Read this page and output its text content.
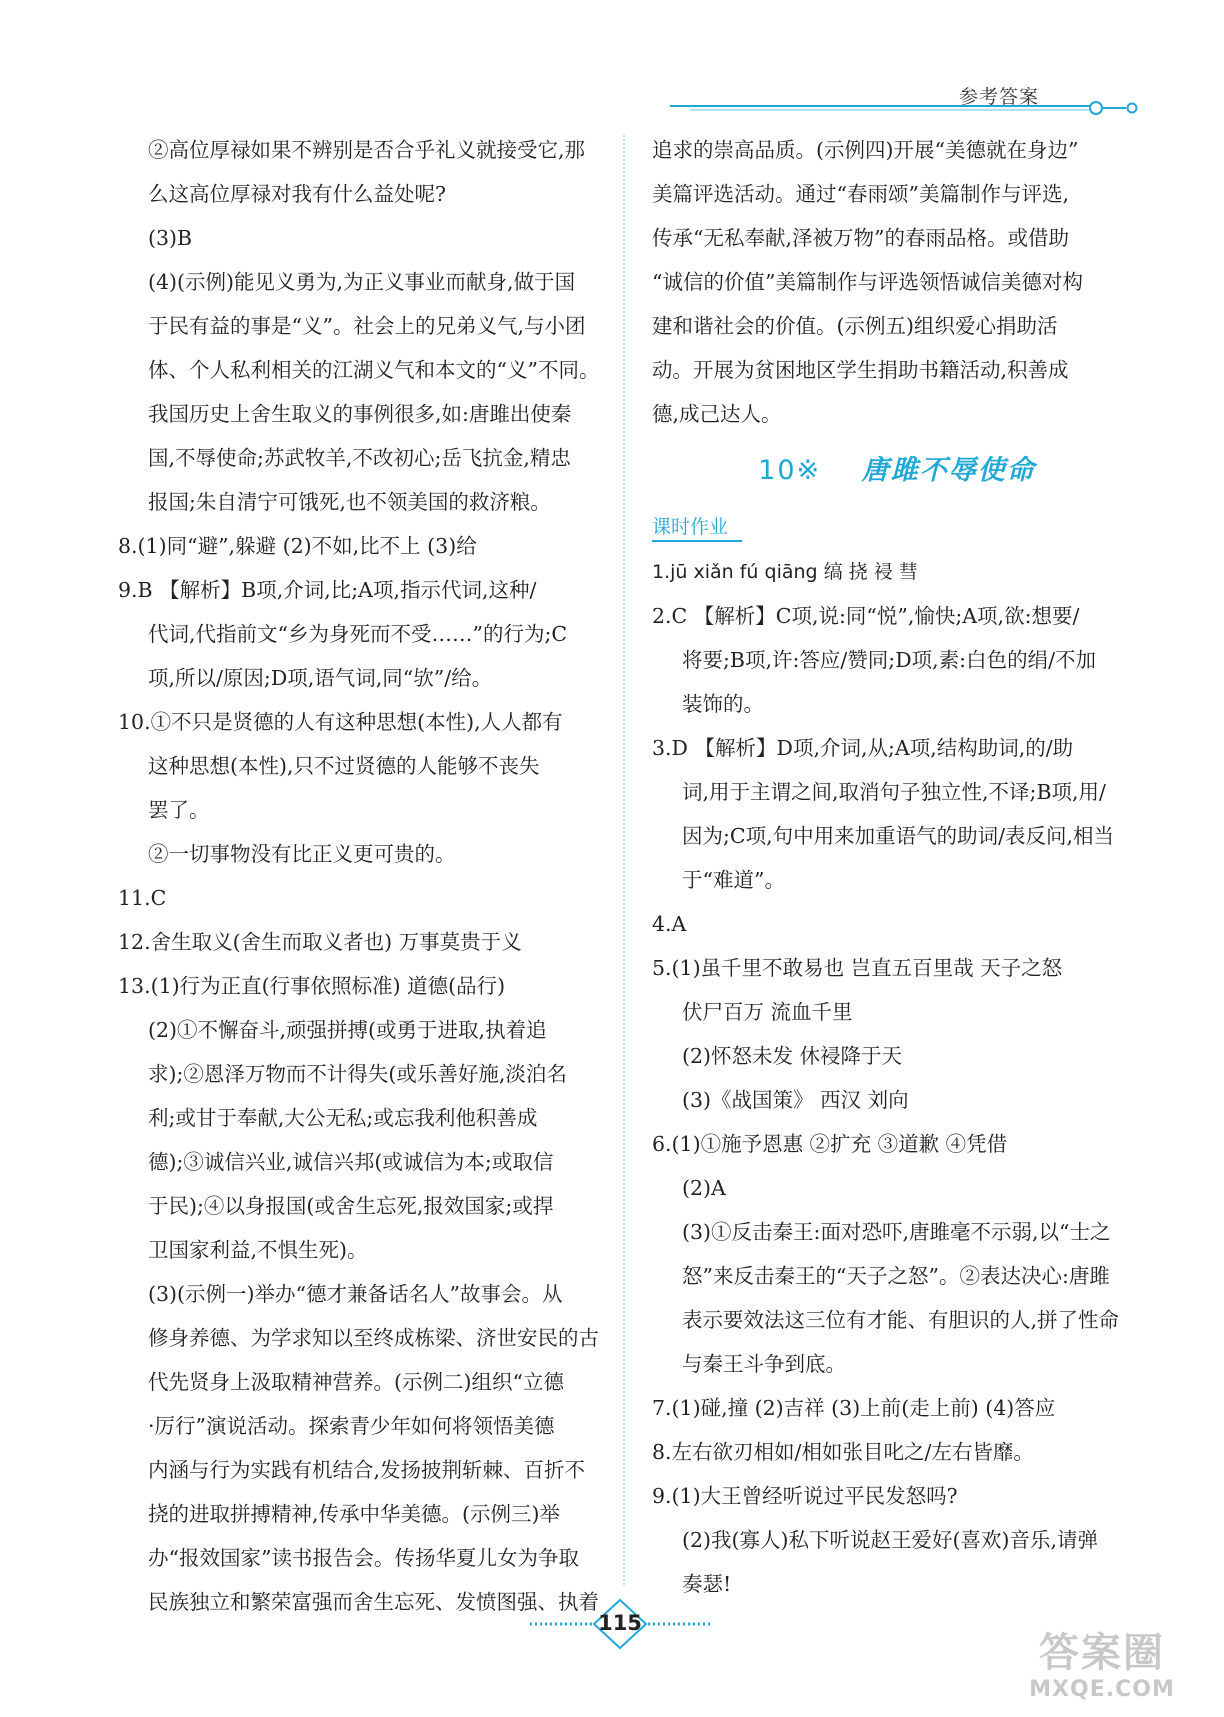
参考答案
②高位厚禄如果不辨别是否合乎礼义就接受它,那
么这高位厚禄对我有什么益处呢?
(3)B
(4)(示例)能见义勇为,为正义事业而献身,做于国
于民有益的事是“义”。社会上的兄弟义气,与小团
体、个人私利相关的江湖义气和本文的“义”不同。
我国历史上舍生取义的事例很多,如:唐雎出使秦
国,不辱使命;苏武牧羊,不改初心;岳飞抗金,精忠
报国;朱自清宁可饿死,也不领美国的救济粮。
8.(1)同“避”,躲避 (2)不如,比不上 (3)给
9.B 【解析】B项,介词,比;A项,指示代词,这种/
代词,代指前文“乡为身死而不受……”的行为;C
项,所以/原因;D项,语气词,同“欤”/给。
10.①不只是贤德的人有这种思想(本性),人人都有
这种思想(本性),只不过贤德的人能够不丧失
罢了。
②一切事物没有比正义更可贵的。
11.C
12.舍生取义(舍生而取义者也) 万事莫贵于义
13.(1)行为正直(行事依照标准) 道德(品行)
(2)①不懈奋斗,顽强拼搏(或勇于进取,执着追
求);②恩泽万物而不计得失(或乐善好施,淡泊名
利;或甘于奉献,大公无私;或忘我利他积善成
德);③诚信兴业,诚信兴邦(或诚信为本;或取信
于民);④以身报国(或舍生忘死,报效国家;或捍
卫国家利益,不惧生死)。
(3)(示例一)举办“德才兼备话名人”故事会。从
修身养德、为学求知以至终成栋梁、济世安民的古
代先贤身上汲取精神营养。(示例二)组织“立德
·厉行”演说活动。探索青少年如何将领悟美德
内涵与行为实践有机结合,发扬披荆斩棘、百折不
挠的进取拼搏精神,传承中华美德。(示例三)举
办“报效国家”读书报告会。传扬华夏儿女为争取
民族独立和繁荣富强而舍生忘死、发愤图强、执着
追求的崇高品质。(示例四)开展“美德就在身边”
美篇评选活动。通过“春雨颂”美篇制作与评选,
传承“无私奉献,泽被万物”的春雨品格。或借助
“诚信的价值”美篇制作与评选领悟诚信美德对构
建和谐社会的价值。(示例五)组织爱心捐助活
动。开展为贫困地区学生捐助书籍活动,积善成
德,成己达人。
10※ 唐雎不辱使命
课时作业
1.jū xiǎn fú qiāng 缟 挠 祲 彗
2.C 【解析】C项,说:同“悦”,愉快;A项,欲:想要/
将要;B项,许:答应/赞同;D项,素:白色的绢/不加
装饰的。
3.D 【解析】D项,介词,从;A项,结构助词,的/助
词,用于主谓之间,取消句子独立性,不译;B项,用/
因为;C项,句中用来加重语气的助词/表反问,相当
于“难道”。
4.A
5.(1)虽千里不敢易也 岂直五百里哉 天子之怒
伏尸百万 流血千里
(2)怀怒未发 休祲降于天
(3)《战国策》 西汉 刘向
6.(1)①施予恩惠 ②扩充 ③道歉 ④凭借
(2)A
(3)①反击秦王:面对恐吓,唐雎毫不示弱,以“士之
怒”来反击秦王的“天子之怒”。②表达决心:唐雎
表示要效法这三位有才能、有胆识的人,拼了性命
与秦王斗争到底。
7.(1)碰,撞 (2)吉祥 (3)上前(走上前) (4)答应
8.左右欲刃相如/相如张目叱之/左右皆靡。
9.(1)大王曾经听说过平民发怒吗?
(2)我(寡人)私下听说赵王爱好(喜欢)音乐,请弹
奏瑟!
115
答案圈
MXQE.COM
